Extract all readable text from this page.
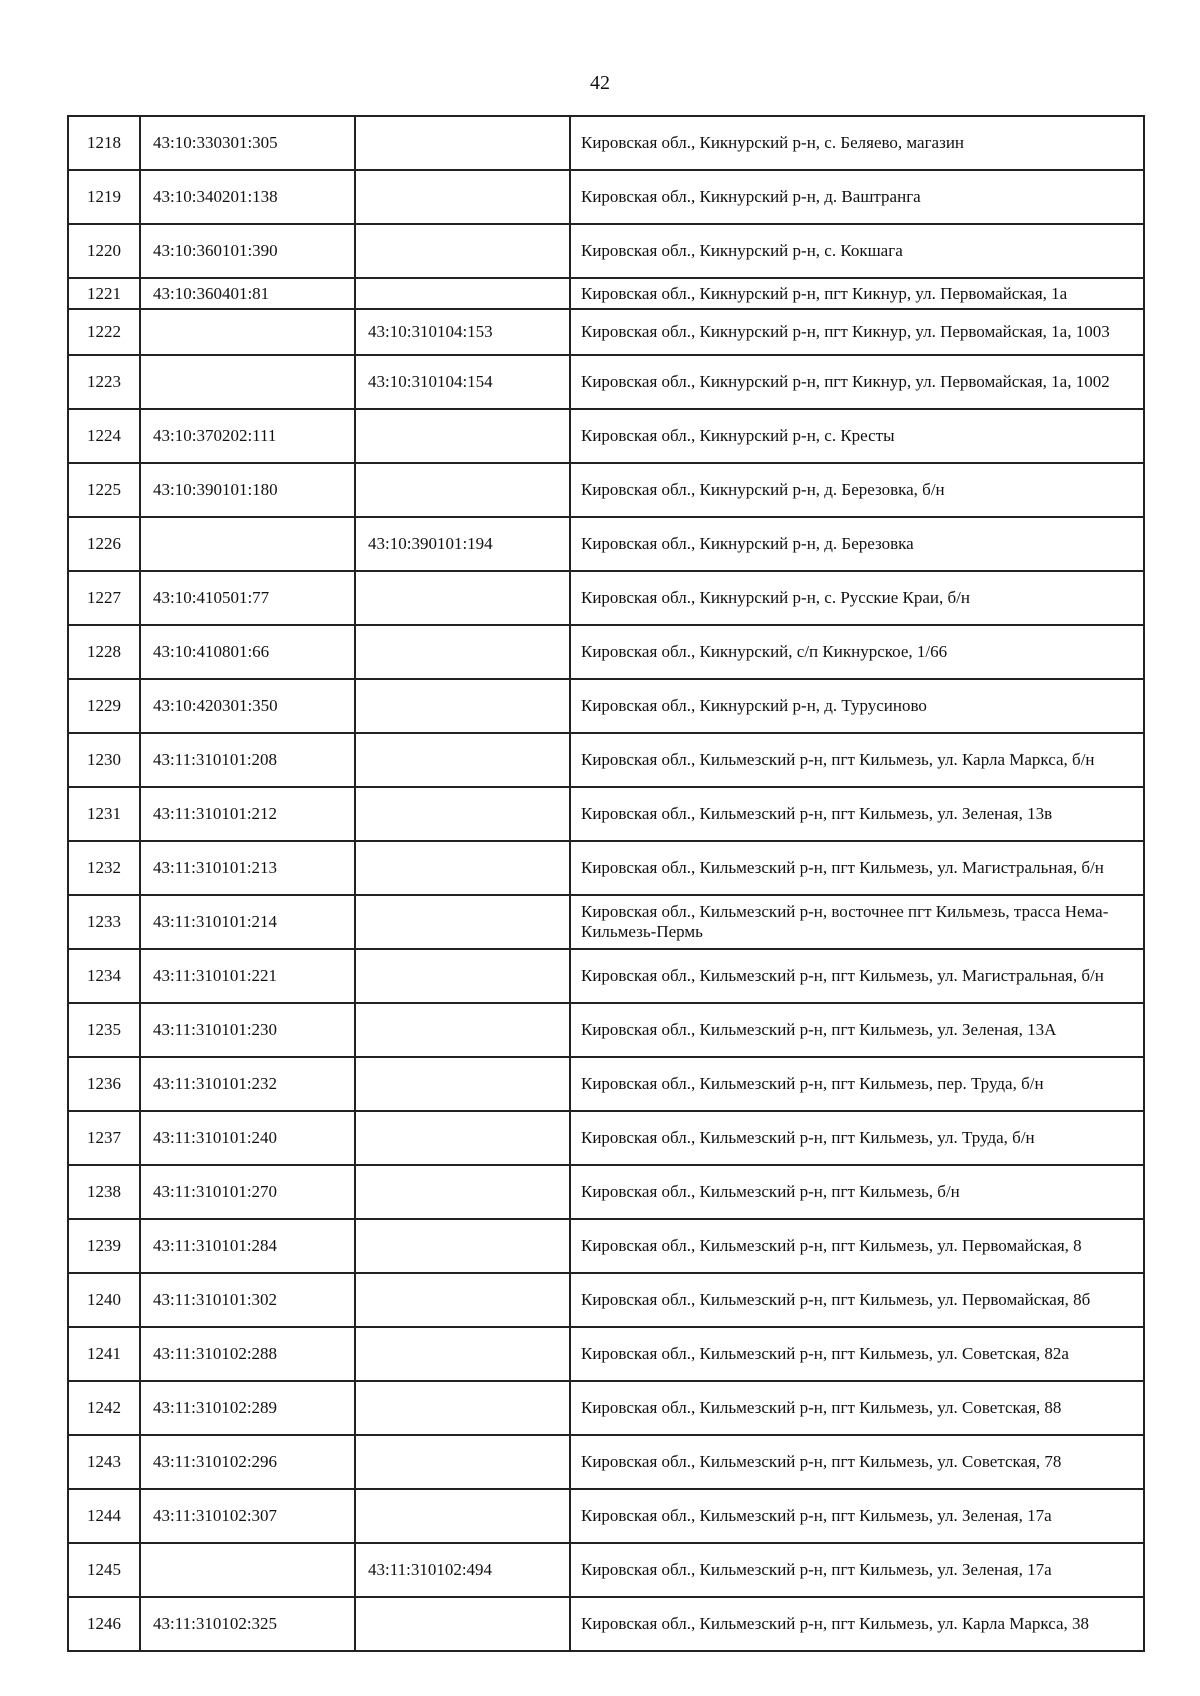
42
1218	43:10:330301:305		Кировская обл., Кикнурский р-н, с. Беляево, магазин
1219	43:10:340201:138		Кировская обл., Кикнурский р-н, д. Ваштранга
1220	43:10:360101:390		Кировская обл., Кикнурский р-н, с. Кокшага
1221	43:10:360401:81		Кировская обл., Кикнурский р-н, пгт Кикнур, ул. Первомайская, 1а
1222		43:10:310104:153	Кировская обл., Кикнурский р-н, пгт Кикнур, ул. Первомайская, 1а, 1003
1223		43:10:310104:154	Кировская обл., Кикнурский р-н, пгт Кикнур, ул. Первомайская, 1а, 1002
1224	43:10:370202:111		Кировская обл., Кикнурский р-н, с. Кресты
1225	43:10:390101:180		Кировская обл., Кикнурский р-н, д. Березовка, б/н
1226		43:10:390101:194	Кировская обл., Кикнурский р-н, д. Березовка
1227	43:10:410501:77		Кировская обл., Кикнурский р-н, с. Русские Краи, б/н
1228	43:10:410801:66		Кировская обл., Кикнурский, с/п Кикнурское, 1/66
1229	43:10:420301:350		Кировская обл., Кикнурский р-н, д. Турусиново
1230	43:11:310101:208		Кировская обл., Кильмезский р-н, пгт Кильмезь, ул. Карла Маркса, б/н
1231	43:11:310101:212		Кировская обл., Кильмезский р-н, пгт Кильмезь, ул. Зеленая, 13в
1232	43:11:310101:213		Кировская обл., Кильмезский р-н, пгт Кильмезь, ул. Магистральная, б/н
1233	43:11:310101:214		Кировская обл., Кильмезский р-н, восточнее пгт Кильмезь, трасса Нема-Кильмезь-Пермь
1234	43:11:310101:221		Кировская обл., Кильмезский р-н, пгт Кильмезь, ул. Магистральная, б/н
1235	43:11:310101:230		Кировская обл., Кильмезский р-н, пгт Кильмезь, ул. Зеленая, 13А
1236	43:11:310101:232		Кировская обл., Кильмезский р-н, пгт Кильмезь, пер. Труда, б/н
1237	43:11:310101:240		Кировская обл., Кильмезский р-н, пгт Кильмезь, ул. Труда, б/н
1238	43:11:310101:270		Кировская обл., Кильмезский р-н, пгт Кильмезь, б/н
1239	43:11:310101:284		Кировская обл., Кильмезский р-н, пгт Кильмезь, ул. Первомайская, 8
1240	43:11:310101:302		Кировская обл., Кильмезский р-н, пгт Кильмезь, ул. Первомайская, 8б
1241	43:11:310102:288		Кировская обл., Кильмезский р-н, пгт Кильмезь, ул. Советская, 82а
1242	43:11:310102:289		Кировская обл., Кильмезский р-н, пгт Кильмезь, ул. Советская, 88
1243	43:11:310102:296		Кировская обл., Кильмезский р-н, пгт Кильмезь, ул. Советская, 78
1244	43:11:310102:307		Кировская обл., Кильмезский р-н, пгт Кильмезь, ул. Зеленая, 17а
1245		43:11:310102:494	Кировская обл., Кильмезский р-н, пгт Кильмезь, ул. Зеленая, 17а
1246	43:11:310102:325		Кировская обл., Кильмезский р-н, пгт Кильмезь, ул. Карла Маркса, 38
